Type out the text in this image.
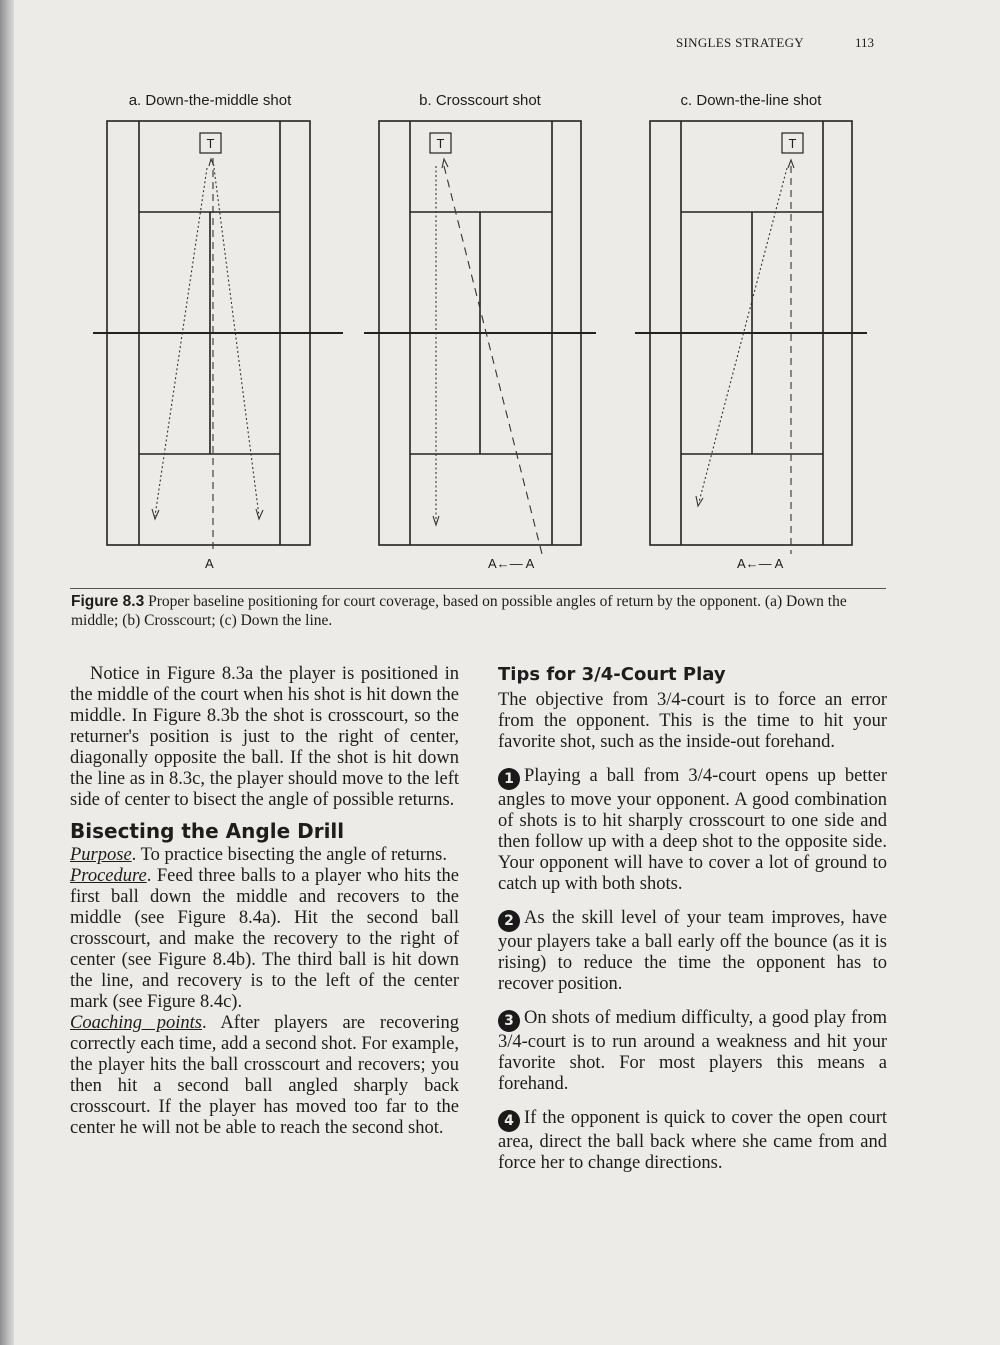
SINGLES STRATEGY	113
a. Down-the-middle shot	b. Crosscourt shot	c. Down-the-line shot
T	T	T
A	A←— A	A←— A
Figure 8.3 Proper baseline positioning for court coverage, based on possible angles of return by the opponent. (a) Down the middle; (b) Crosscourt; (c) Down the line.

Notice in Figure 8.3a the player is positioned in the middle of the court when his shot is hit down the middle. In Figure 8.3b the shot is crosscourt, so the returner's position is just to the right of center, diagonally opposite the ball. If the shot is hit down the line as in 8.3c, the player should move to the left side of center to bisect the angle of possible returns.

Bisecting the Angle Drill

Purpose. To practice bisecting the angle of returns.

Procedure. Feed three balls to a player who hits the first ball down the middle and recovers to the middle (see Figure 8.4a). Hit the second ball crosscourt, and make the recovery to the right of center (see Figure 8.4b). The third ball is hit down the line, and recovery is to the left of the center mark (see Figure 8.4c).

Coaching points. After players are recovering correctly each time, add a second shot. For example, the player hits the ball crosscourt and recovers; you then hit a second ball angled sharply back crosscourt. If the player has moved too far to the center he will not be able to reach the second shot.

Tips for 3/4-Court Play

The objective from 3/4-court is to force an error from the opponent. This is the time to hit your favorite shot, such as the inside-out forehand.

1 Playing a ball from 3/4-court opens up better angles to move your opponent. A good combination of shots is to hit sharply crosscourt to one side and then follow up with a deep shot to the opposite side. Your opponent will have to cover a lot of ground to catch up with both shots.

2 As the skill level of your team improves, have your players take a ball early off the bounce (as it is rising) to reduce the time the opponent has to recover position.

3 On shots of medium difficulty, a good play from 3/4-court is to run around a weakness and hit your favorite shot. For most players this means a forehand.

4 If the opponent is quick to cover the open court area, direct the ball back where she came from and force her to change directions.
